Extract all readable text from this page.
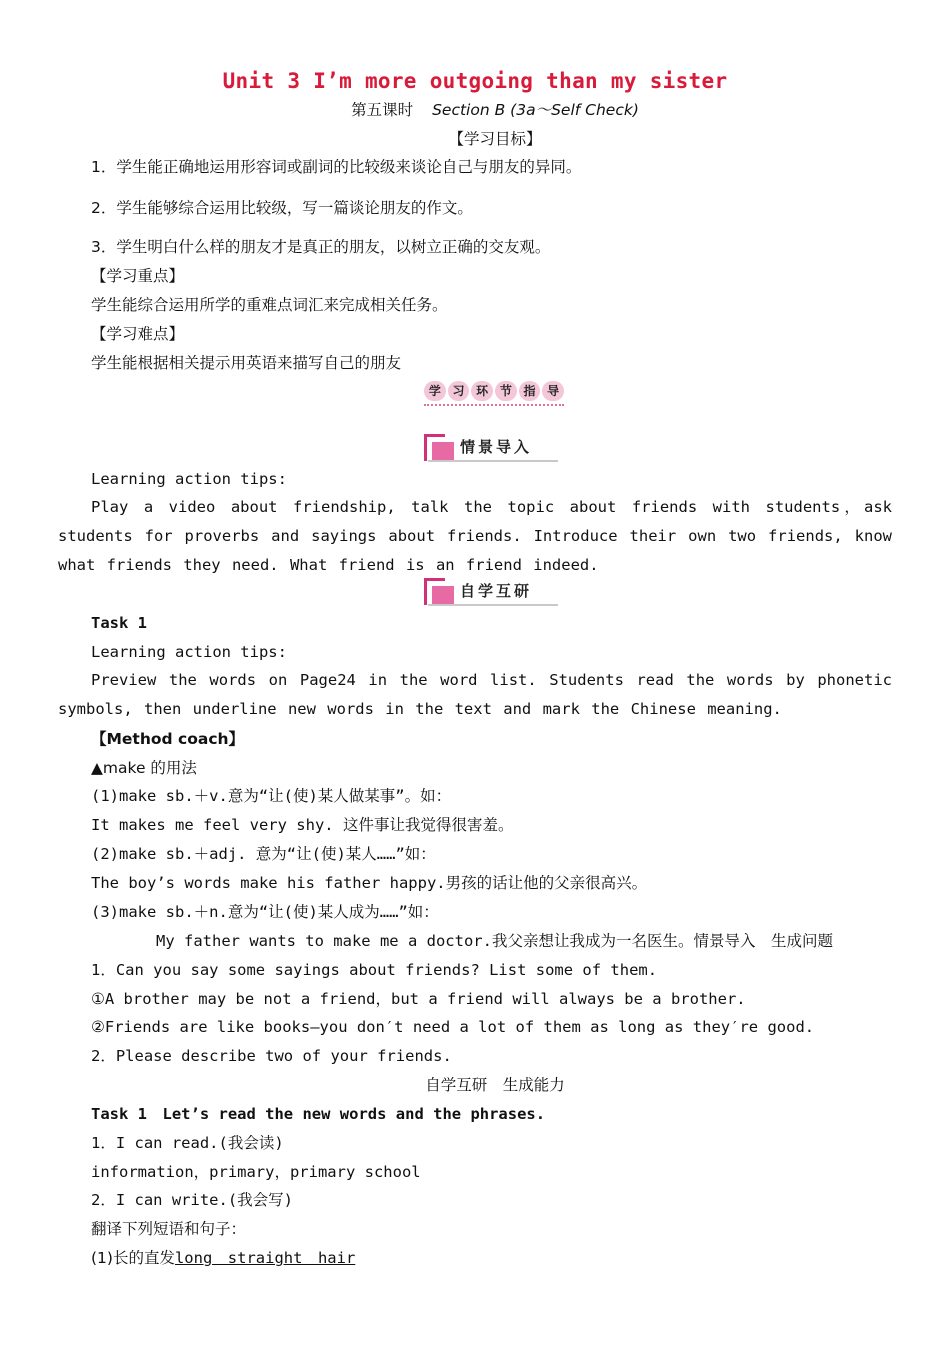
Unit 3 I’m more outgoing than my sister
第五课时 Section B (3a～Self Check)
【学习目标】
1．学生能正确地运用形容词或副词的比较级来谈论自己与朋友的异同。
2．学生能够综合运用比较级，写一篇谈论朋友的作文。
3．学生明白什么样的朋友才是真正的朋友，以树立正确的交友观。
【学习重点】
学生能综合运用所学的重难点词汇来完成相关任务。
【学习难点】
学生能根据相关提示用英语来描写自己的朋友
学 习 环 节 指 导
情景导入
Learning action tips:
Play a video about friendship, talk the topic about friends with students，ask students for proverbs and sayings about friends. Introduce their own two friends, know what friends they need. What friend is an friend indeed.
自学互研
Task 1
Learning action tips:
Preview the words on Page24 in the word list. Students read the words by phonetic symbols, then underline new words in the text and mark the Chinese meaning.
【Method coach】
▲make 的用法
(1)make sb.＋v.意为“让(使)某人做某事”。如：
It makes me feel very shy. 这件事让我觉得很害羞。
(2)make sb.＋adj. 意为“让(使)某人……”如：
The boy’s words make his father happy.男孩的话让他的父亲很高兴。
(3)make sb.＋n.意为“让(使)某人成为……”如：
My father wants to make me a doctor.我父亲想让我成为一名医生。情景导入　生成问题
1．Can you say some sayings about friends? List some of them.
①A brother may be not a friend，but a friend will always be a brother.
②Friends are like books—you don′t need a lot of them as long as they′re good.
2．Please describe two of your friends.
自学互研　生成能力
Task 1　Let’s read the new words and the phrases.
1．I can read.(我会读)
information，primary，primary school
2．I can write.(我会写)
翻译下列短语和句子：
(1)长的直发long　straight　hair
